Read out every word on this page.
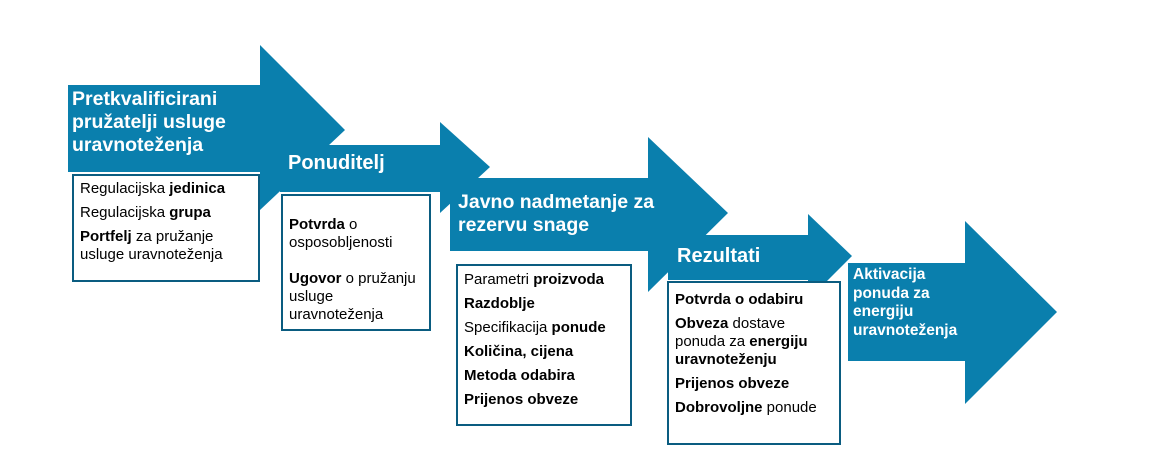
Pretkvalificirani pružatelji usluge uravnoteženja
Ponuditelj
Javno nadmetanje za rezervu snage
Rezultati
Aktivacija ponuda za energiju uravnoteženja
Regulacijska jedinica
Regulacijska grupa
Portfelj za pružanje usluge uravnoteženja
Potvrda o osposobljenosti
Ugovor o pružanju usluge uravnoteženja
Parametri proizvoda
Razdoblje
Specifikacija ponude
Količina, cijena
Metoda odabira
Prijenos obveze
Potvrda o odabiru
Obveza dostave ponuda za energiju uravnoteženju
Prijenos obveze
Dobrovoljne ponude
